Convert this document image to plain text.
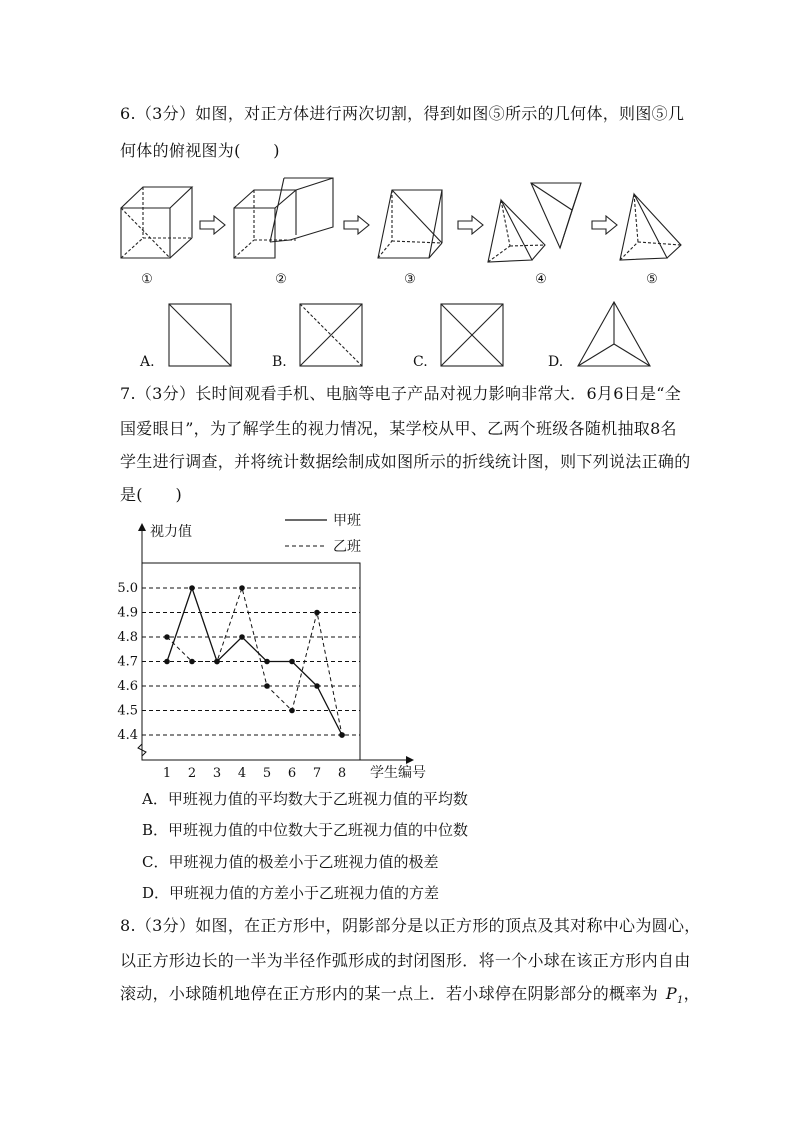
6.（3分）如图，对正方体进行两次切割，得到如图⑤所示的几何体，则图⑤几
何体的俯视图为(　　)
①	②	③	④	⑤
A.	B.	C.	D.
7.（3分）长时间观看手机、电脑等电子产品对视力影响非常大．6月6日是“全
国爱眼日”，为了解学生的视力情况，某学校从甲、乙两个班级各随机抽取8名
学生进行调查，并将统计数据绘制成如图所示的折线统计图，则下列说法正确的
是(　　)
5.0
4.9
4.8
4.7
4.6
4.5
4.4
1 2 3 4 5 6 7 8
视力值
学生编号
甲班
乙班
A．甲班视力值的平均数大于乙班视力值的平均数
B．甲班视力值的中位数大于乙班视力值的中位数
C．甲班视力值的极差小于乙班视力值的极差
D．甲班视力值的方差小于乙班视力值的方差
8.（3分）如图，在正方形中，阴影部分是以正方形的顶点及其对称中心为圆心，
以正方形边长的一半为半径作弧形成的封闭图形．将一个小球在该正方形内自由
滚动，小球随机地停在正方形内的某一点上．若小球停在阴影部分的概率为 $P_1$，
